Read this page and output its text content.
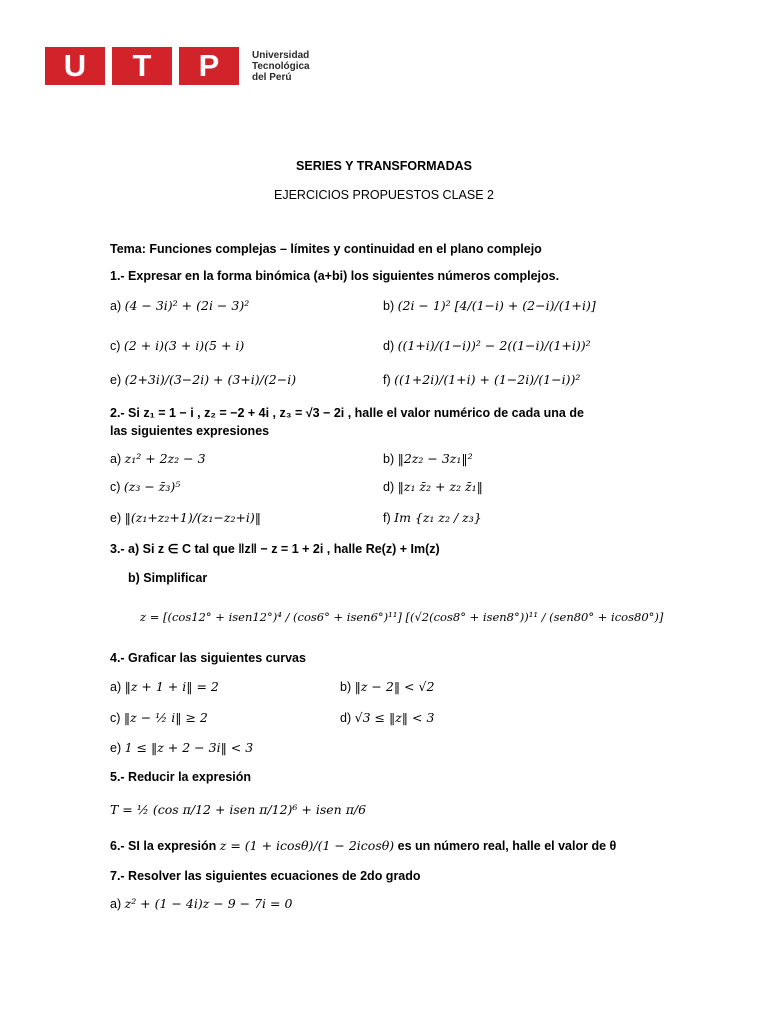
U	T	P	Universidad
Tecnológica
del Perú
SERIES Y TRANSFORMADAS
EJERCICIOS PROPUESTOS CLASE 2
Tema: Funciones complejas – límites y continuidad en el plano complejo
1.- Expresar en la forma binómica (a+bi) los siguientes números complejos.
a) (4 − 3i)² + (2i − 3)²	b) (2i − 1)² [4/(1−i) + (2−i)/(1+i)]
c) (2 + i)(3 + i)(5 + i)	d) ((1+i)/(1−i))² − 2((1−i)/(1+i))²
e) (2+3i)/(3−2i) + (3+i)/(2−i)	f) ((1+2i)/(1+i) + (1−2i)/(1−i))²
2.- Si z₁ = 1 − i , z₂ = −2 + 4i , z₃ = √3 − 2i , halle el valor numérico de cada una de
las siguientes expresiones
a) z₁² + 2z₂ − 3	b) ‖2z₂ − 3z₁‖²
c) (z₃ − z̄₃)⁵	d) ‖z₁ z̄₂ + z₂ z̄₁‖
e) ‖(z₁+z₂+1)/(z₁−z₂+i)‖	f) Im {z₁ z₂ / z₃}
3.- a) Si z ∈ C tal que ‖z‖ − z = 1 + 2i , halle Re(z) + Im(z)
b) Simplificar
z = [(cos12° + isen12°)⁴ / (cos6° + isen6°)¹¹] [(√2(cos8° + isen8°))¹¹ / (sen80° + icos80°)]
4.- Graficar las siguientes curvas
a) ‖z + 1 + i‖ = 2	b) ‖z − 2‖ < √2
c) ‖z − ½ i‖ ≥ 2	d) √3 ≤ ‖z‖ < 3
e) 1 ≤ ‖z + 2 − 3i‖ < 3
5.- Reducir la expresión
T = ½ (cos π/12 + isen π/12)⁶ + isen π/6
6.- SI la expresión z = (1 + icosθ)/(1 − 2icosθ) es un número real, halle el valor de θ
7.- Resolver las siguientes ecuaciones de 2do grado
a) z² + (1 − 4i)z − 9 − 7i = 0
